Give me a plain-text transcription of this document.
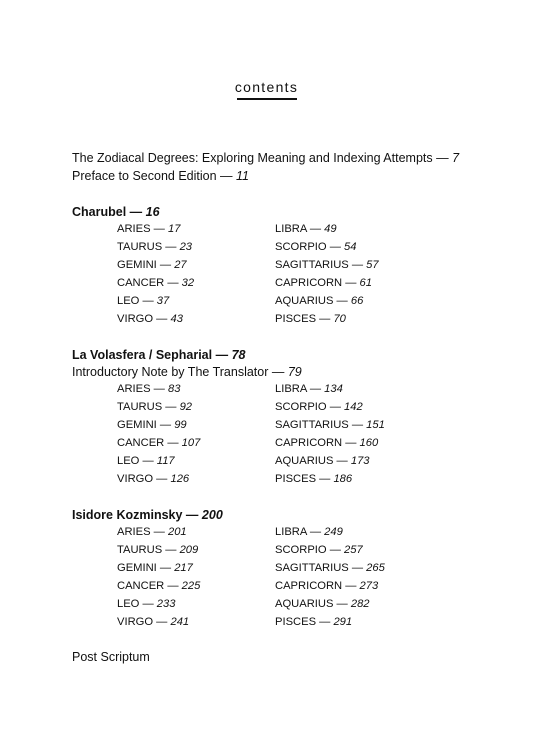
contents
The Zodiacal Degrees: Exploring Meaning and Indexing Attempts — 7
Preface to Second Edition — 11
Charubel — 16
ARIES — 17
TAURUS — 23
GEMINI — 27
CANCER — 32
LEO — 37
VIRGO — 43
LIBRA — 49
SCORPIO — 54
SAGITTARIUS — 57
CAPRICORN — 61
AQUARIUS — 66
PISCES — 70
La Volasfera / Sepharial — 78
Introductory Note by The Translator — 79
ARIES — 83
TAURUS — 92
GEMINI — 99
CANCER — 107
LEO — 117
VIRGO — 126
LIBRA — 134
SCORPIO — 142
SAGITTARIUS — 151
CAPRICORN — 160
AQUARIUS — 173
PISCES — 186
Isidore Kozminsky — 200
ARIES — 201
TAURUS — 209
GEMINI — 217
CANCER — 225
LEO — 233
VIRGO — 241
LIBRA — 249
SCORPIO — 257
SAGITTARIUS — 265
CAPRICORN — 273
AQUARIUS — 282
PISCES — 291
Post Scriptum
